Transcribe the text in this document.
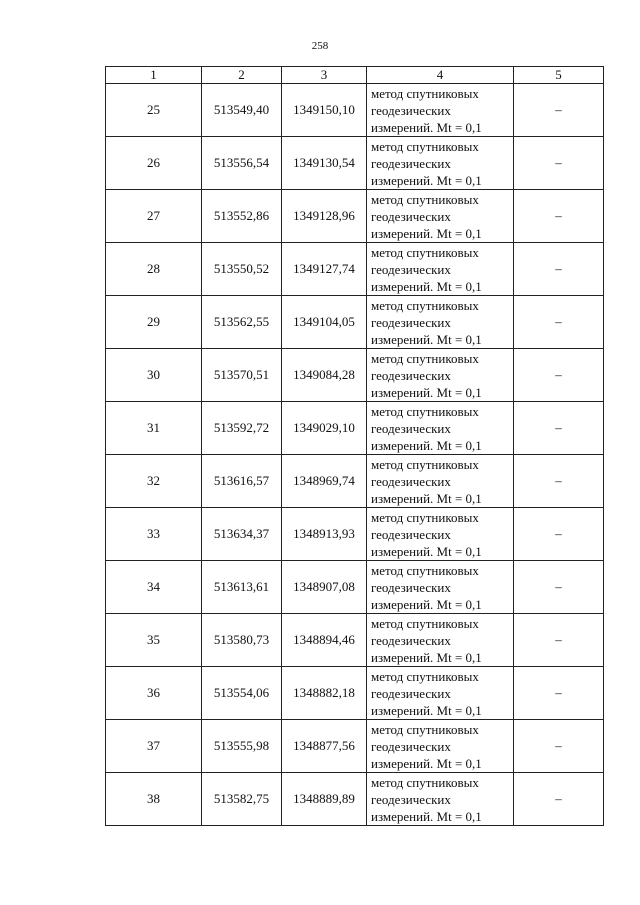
258
1	2	3	4	5
25	513549,40	1349150,10	метод спутниковых
геодезических
измерений. Mt = 0,1	–
26	513556,54	1349130,54	метод спутниковых
геодезических
измерений. Mt = 0,1	–
27	513552,86	1349128,96	метод спутниковых
геодезических
измерений. Mt = 0,1	–
28	513550,52	1349127,74	метод спутниковых
геодезических
измерений. Mt = 0,1	–
29	513562,55	1349104,05	метод спутниковых
геодезических
измерений. Mt = 0,1	–
30	513570,51	1349084,28	метод спутниковых
геодезических
измерений. Mt = 0,1	–
31	513592,72	1349029,10	метод спутниковых
геодезических
измерений. Mt = 0,1	–
32	513616,57	1348969,74	метод спутниковых
геодезических
измерений. Mt = 0,1	–
33	513634,37	1348913,93	метод спутниковых
геодезических
измерений. Mt = 0,1	–
34	513613,61	1348907,08	метод спутниковых
геодезических
измерений. Mt = 0,1	–
35	513580,73	1348894,46	метод спутниковых
геодезических
измерений. Mt = 0,1	–
36	513554,06	1348882,18	метод спутниковых
геодезических
измерений. Mt = 0,1	–
37	513555,98	1348877,56	метод спутниковых
геодезических
измерений. Mt = 0,1	–
38	513582,75	1348889,89	метод спутниковых
геодезических
измерений. Mt = 0,1	–
